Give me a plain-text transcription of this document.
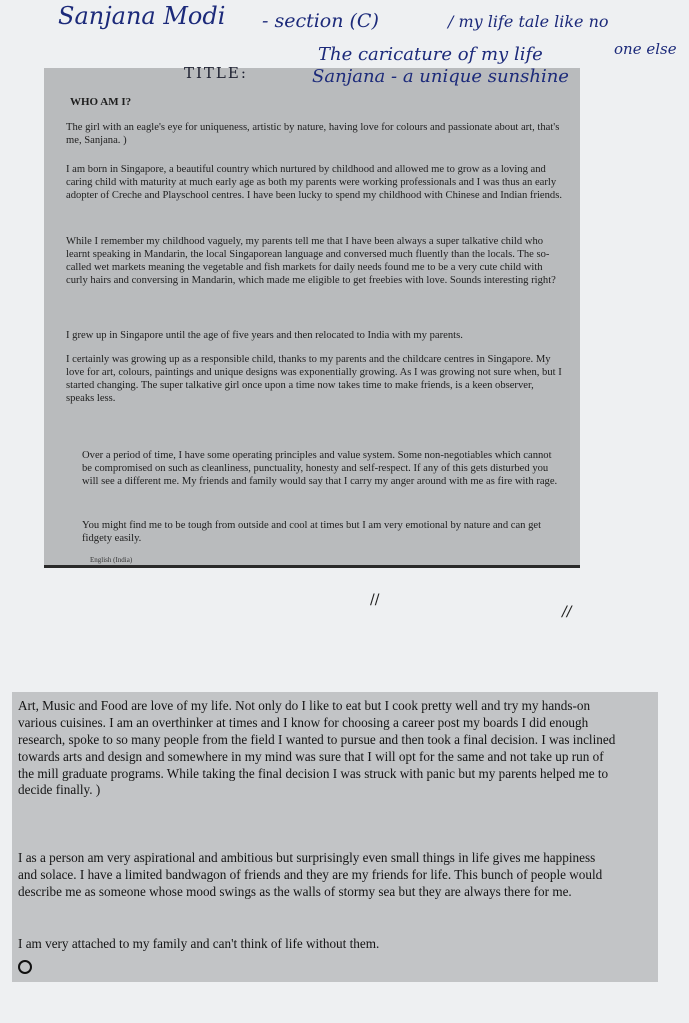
Sanjana Modi - section (C)	/ my life tale like no
The caricature of my life	one else
TITLE:	Sanjana - a unique sunshine
WHO AM I?

The girl with an eagle's eye for uniqueness, artistic by nature, having love for colours and passionate about art, that's me, Sanjana. )

I am born in Singapore, a beautiful country which nurtured by childhood and allowed me to grow as a loving and caring child with maturity at much early age as both my parents were working professionals and I was thus an early adopter of Creche and Playschool centres. I have been lucky to spend my childhood with Chinese and Indian friends.

While I remember my childhood vaguely, my parents tell me that I have been always a super talkative child who learnt speaking in Mandarin, the local Singaporean language and conversed much fluently than the locals. The so-called wet markets meaning the vegetable and fish markets for daily needs found me to be a very cute child with curly hairs and conversing in Mandarin, which made me eligible to get freebies with love. Sounds interesting right?

I grew up in Singapore until the age of five years and then relocated to India with my parents.

I certainly was growing up as a responsible child, thanks to my parents and the childcare centres in Singapore. My love for art, colours, paintings and unique designs was exponentially growing. As I was growing not sure when, but I started changing. The super talkative girl once upon a time now takes time to make friends, is a keen observer, speaks less.

Over a period of time, I have some operating principles and value system. Some non-negotiables which cannot be compromised on such as cleanliness, punctuality, honesty and self-respect. If any of this gets disturbed you will see a different me. My friends and family would say that I carry my anger around with me as fire with rage.

You might find me to be tough from outside and cool at times but I am very emotional by nature and can get fidgety easily.

English (India)
//
//

Art, Music and Food are love of my life. Not only do I like to eat but I cook pretty well and try my hands-on various cuisines. I am an overthinker at times and I know for choosing a career post my boards I did enough research, spoke to so many people from the field I wanted to pursue and then took a final decision. I was inclined towards arts and design and somewhere in my mind was sure that I will opt for the same and not take up run of the mill graduate programs. While taking the final decision I was struck with panic but my parents helped me to decide finally. )

I as a person am very aspirational and ambitious but surprisingly even small things in life gives me happiness and solace. I have a limited bandwagon of friends and they are my friends for life. This bunch of people would describe me as someone whose mood swings as the walls of stormy sea but they are always there for me.

I am very attached to my family and can't think of life without them.
